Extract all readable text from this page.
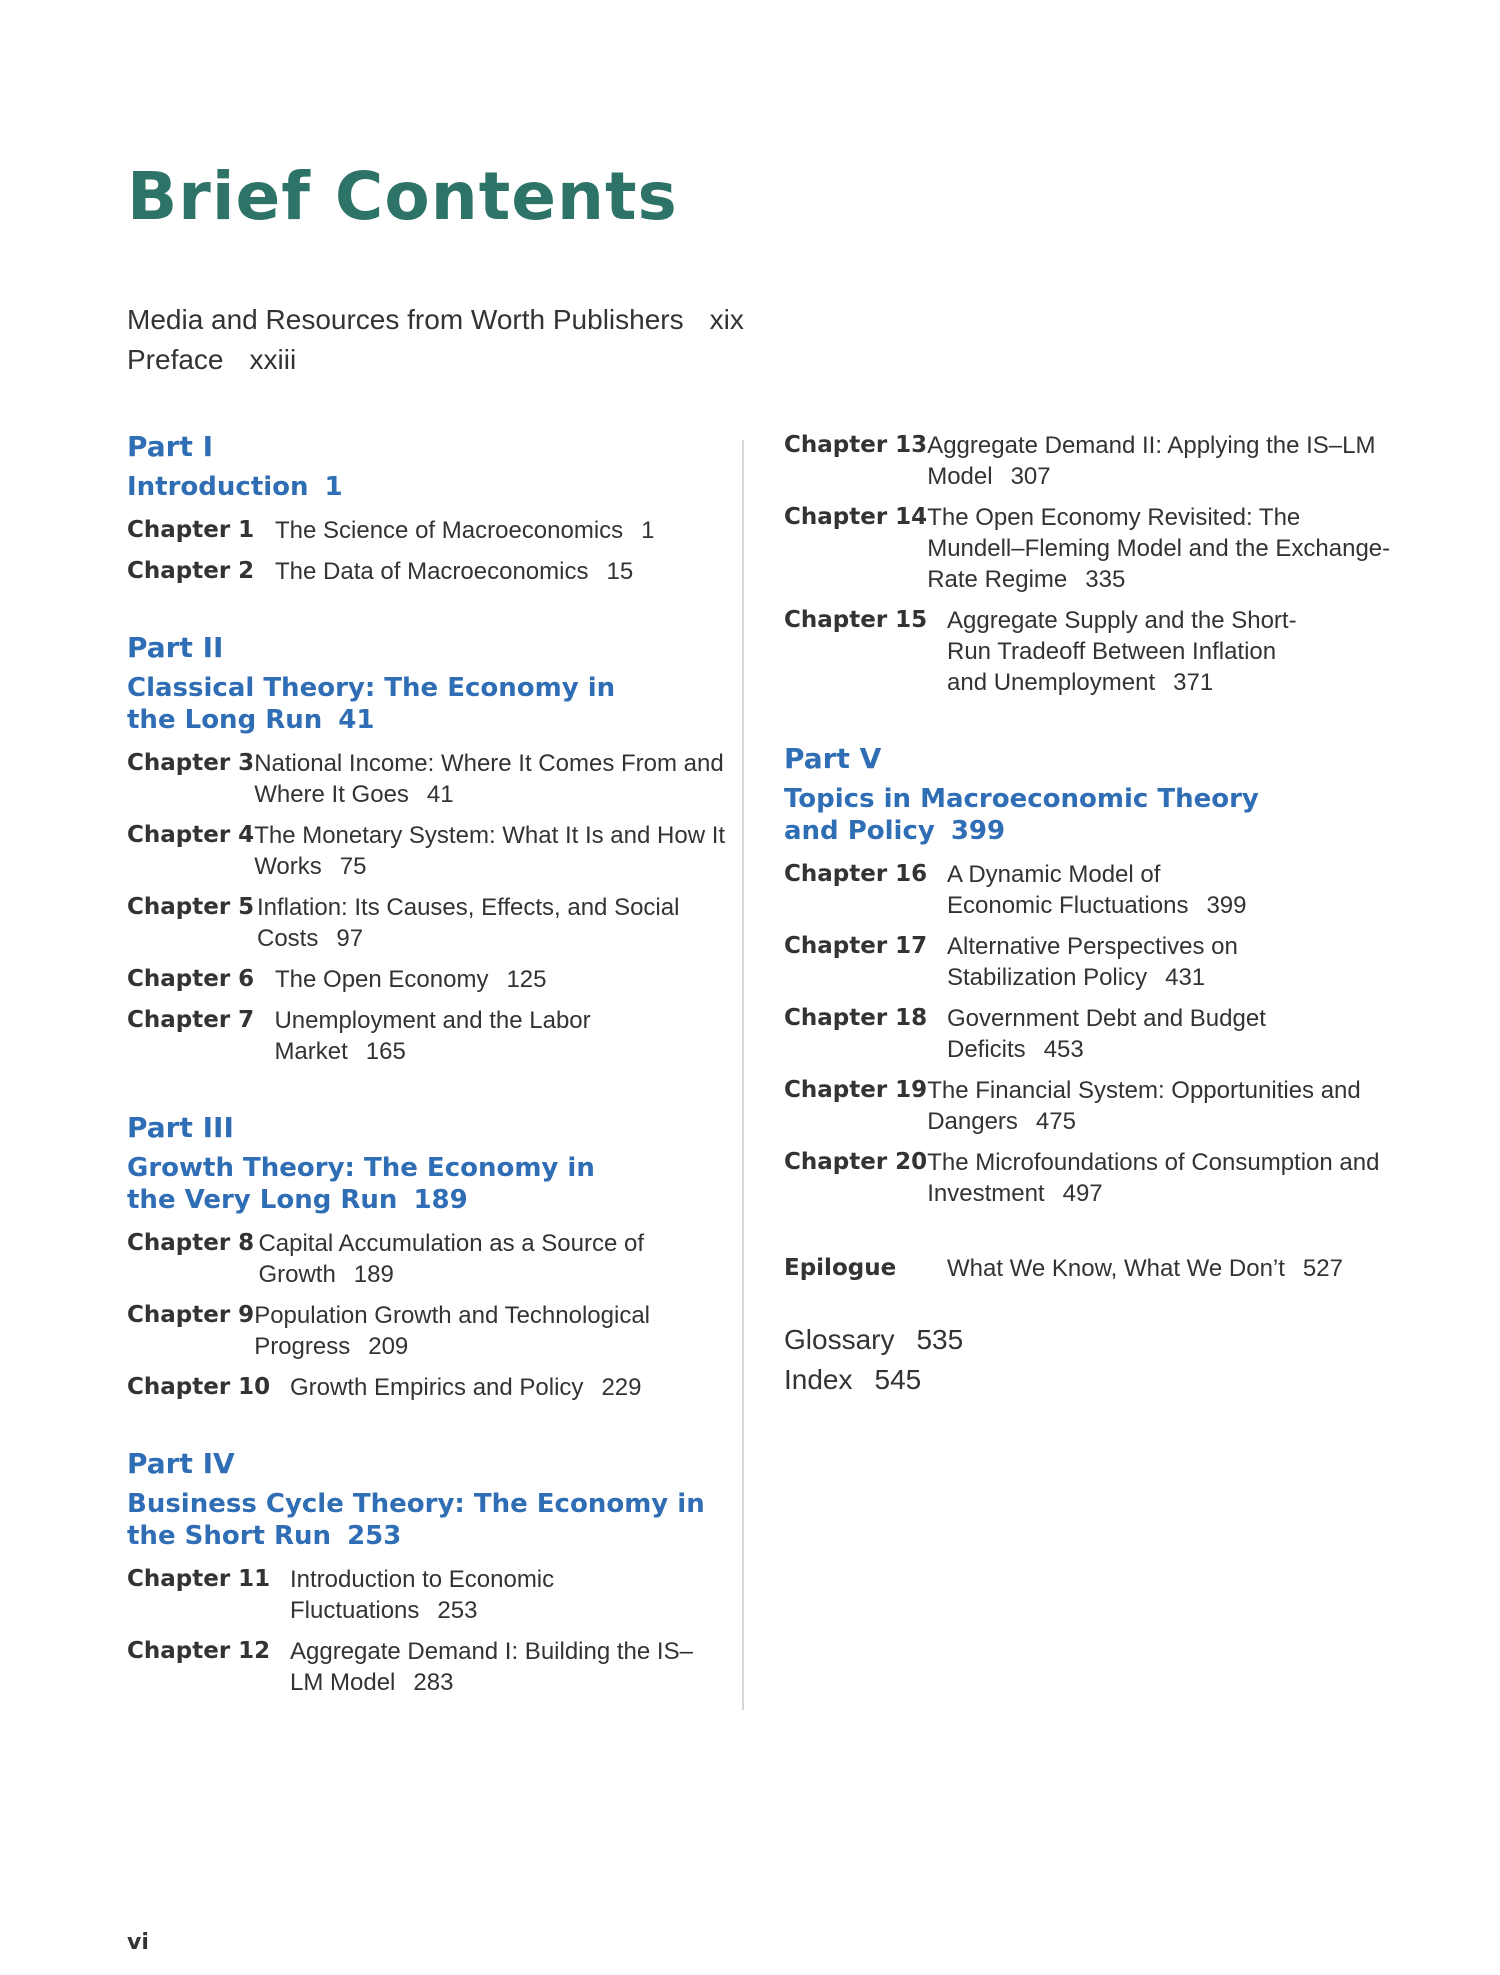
Brief Contents
Media and Resources from Worth Publishers xix
Preface xxiii
Part I
Introduction 1
Chapter 1 The Science of Macroeconomics 1
Chapter 2 The Data of Macroeconomics 15
Part II
Classical Theory: The Economy in the Long Run 41
Chapter 3 National Income: Where It Comes From and Where It Goes 41
Chapter 4 The Monetary System: What It Is and How It Works 75
Chapter 5 Inflation: Its Causes, Effects, and Social Costs 97
Chapter 6 The Open Economy 125
Chapter 7 Unemployment and the Labor Market 165
Part III
Growth Theory: The Economy in the Very Long Run 189
Chapter 8 Capital Accumulation as a Source of Growth 189
Chapter 9 Population Growth and Technological Progress 209
Chapter 10 Growth Empirics and Policy 229
Part IV
Business Cycle Theory: The Economy in the Short Run 253
Chapter 11 Introduction to Economic Fluctuations 253
Chapter 12 Aggregate Demand I: Building the IS–LM Model 283
Chapter 13 Aggregate Demand II: Applying the IS–LM Model 307
Chapter 14 The Open Economy Revisited: The Mundell–Fleming Model and the Exchange-Rate Regime 335
Chapter 15 Aggregate Supply and the Short-Run Tradeoff Between Inflation and Unemployment 371
Part V
Topics in Macroeconomic Theory and Policy 399
Chapter 16 A Dynamic Model of Economic Fluctuations 399
Chapter 17 Alternative Perspectives on Stabilization Policy 431
Chapter 18 Government Debt and Budget Deficits 453
Chapter 19 The Financial System: Opportunities and Dangers 475
Chapter 20 The Microfoundations of Consumption and Investment 497
Epilogue	What We Know, What We Don’t 527
Glossary 535
Index 545
vi
